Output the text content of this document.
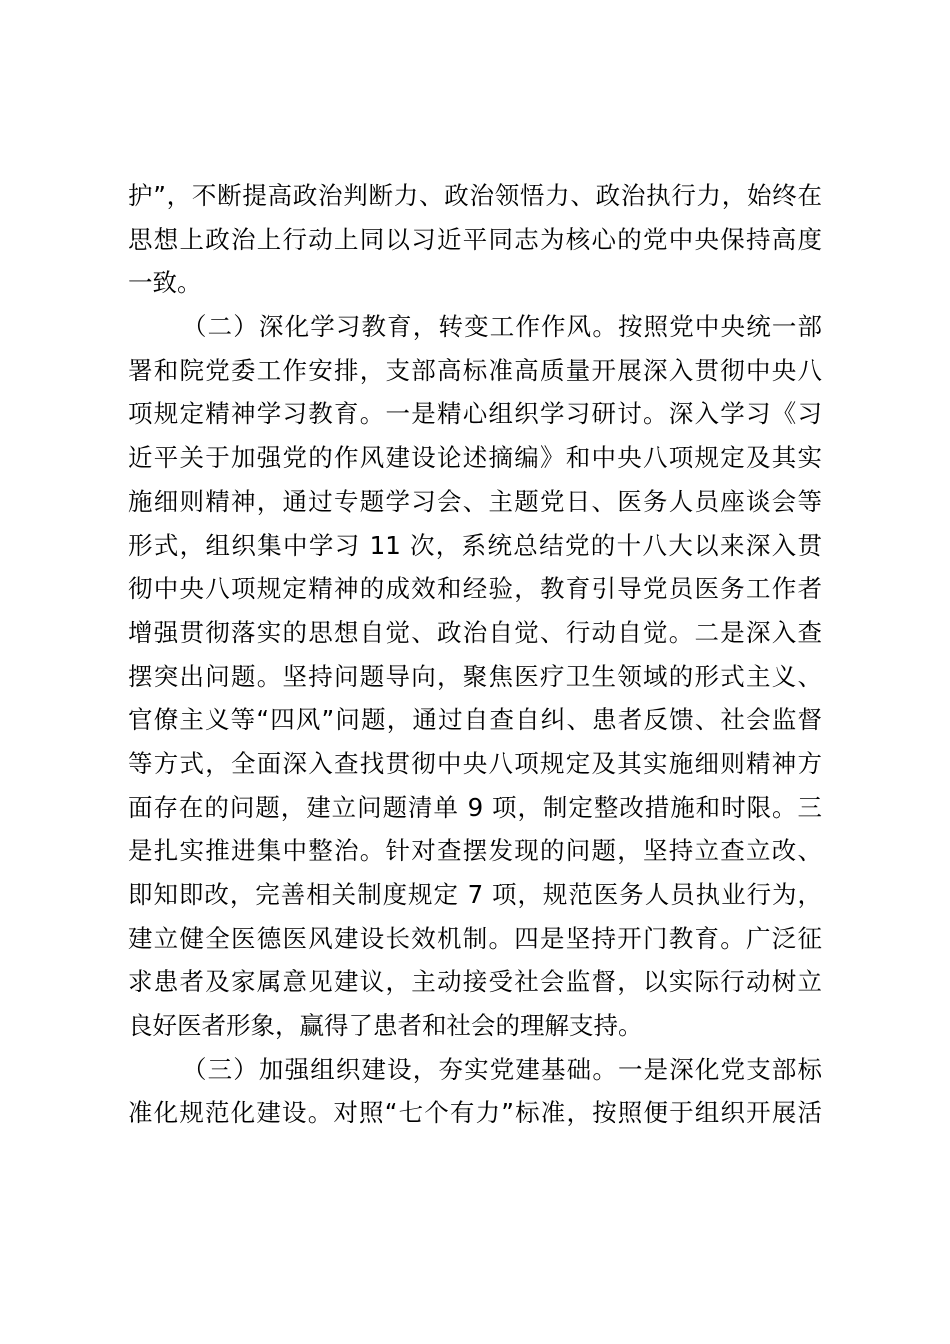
护”，不断提高政治判断力、政治领悟力、政治执行力，始终在
思想上政治上行动上同以习近平同志为核心的党中央保持高度
一致。
（二）深化学习教育，转变工作作风。按照党中央统一部
署和院党委工作安排，支部高标准高质量开展深入贯彻中央八
项规定精神学习教育。一是精心组织学习研讨。深入学习《习
近平关于加强党的作风建设论述摘编》和中央八项规定及其实
施细则精神，通过专题学习会、主题党日、医务人员座谈会等
形式，组织集中学习 11 次，系统总结党的十八大以来深入贯
彻中央八项规定精神的成效和经验，教育引导党员医务工作者
增强贯彻落实的思想自觉、政治自觉、行动自觉。二是深入查
摆突出问题。坚持问题导向，聚焦医疗卫生领域的形式主义、
官僚主义等“四风”问题，通过自查自纠、患者反馈、社会监督
等方式，全面深入查找贯彻中央八项规定及其实施细则精神方
面存在的问题，建立问题清单 9 项，制定整改措施和时限。三
是扎实推进集中整治。针对查摆发现的问题，坚持立查立改、
即知即改，完善相关制度规定 7 项，规范医务人员执业行为，
建立健全医德医风建设长效机制。四是坚持开门教育。广泛征
求患者及家属意见建议，主动接受社会监督，以实际行动树立
良好医者形象，赢得了患者和社会的理解支持。
（三）加强组织建设，夯实党建基础。一是深化党支部标
准化规范化建设。对照“七个有力”标准，按照便于组织开展活
